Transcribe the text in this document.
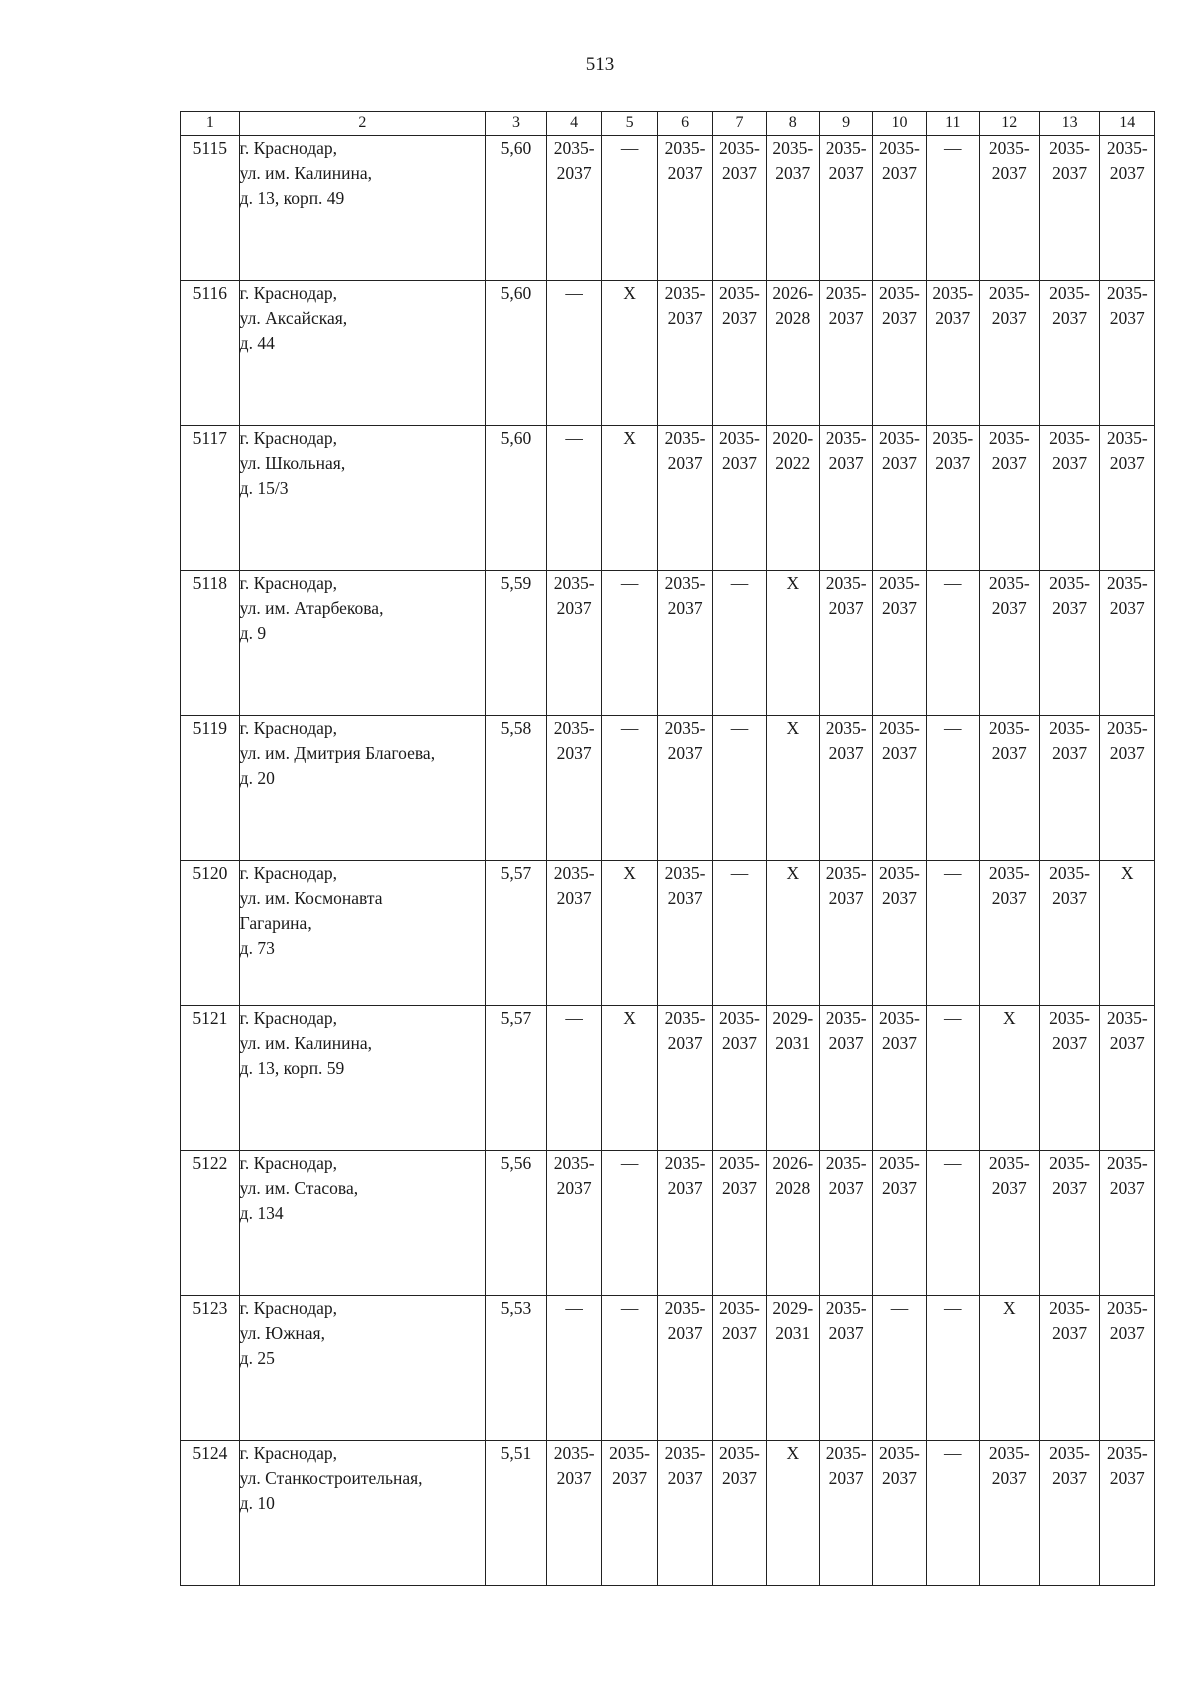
513
1	2	3	4	5	6	7	8	9	10	11	12	13	14
5115	г. Краснодар,
ул. им. Калинина,
д. 13, корп. 49	5,60	2035-2037	—	2035-2037	2035-2037	2035-2037	2035-2037	2035-2037	—	2035-2037	2035-2037	2035-2037
5116	г. Краснодар,
ул. Аксайская,
д. 44	5,60	—	X	2035-2037	2035-2037	2026-2028	2035-2037	2035-2037	2035-2037	2035-2037	2035-2037	2035-2037
5117	г. Краснодар,
ул. Школьная,
д. 15/3	5,60	—	X	2035-2037	2035-2037	2020-2022	2035-2037	2035-2037	2035-2037	2035-2037	2035-2037	2035-2037
5118	г. Краснодар,
ул. им. Атарбекова,
д. 9	5,59	2035-2037	—	2035-2037	—	X	2035-2037	2035-2037	—	2035-2037	2035-2037	2035-2037
5119	г. Краснодар,
ул. им. Дмитрия Благоева,
д. 20	5,58	2035-2037	—	2035-2037	—	X	2035-2037	2035-2037	—	2035-2037	2035-2037	2035-2037
5120	г. Краснодар,
ул. им. Космонавта
Гагарина,
д. 73	5,57	2035-2037	X	2035-2037	—	X	2035-2037	2035-2037	—	2035-2037	2035-2037	X
5121	г. Краснодар,
ул. им. Калинина,
д. 13, корп. 59	5,57	—	X	2035-2037	2035-2037	2029-2031	2035-2037	2035-2037	—	X	2035-2037	2035-2037
5122	г. Краснодар,
ул. им. Стасова,
д. 134	5,56	2035-2037	—	2035-2037	2035-2037	2026-2028	2035-2037	2035-2037	—	2035-2037	2035-2037	2035-2037
5123	г. Краснодар,
ул. Южная,
д. 25	5,53	—	—	2035-2037	2035-2037	2029-2031	2035-2037	—	—	X	2035-2037	2035-2037
5124	г. Краснодар,
ул. Станкостроительная,
д. 10	5,51	2035-2037	2035-2037	2035-2037	2035-2037	X	2035-2037	2035-2037	—	2035-2037	2035-2037	2035-2037
